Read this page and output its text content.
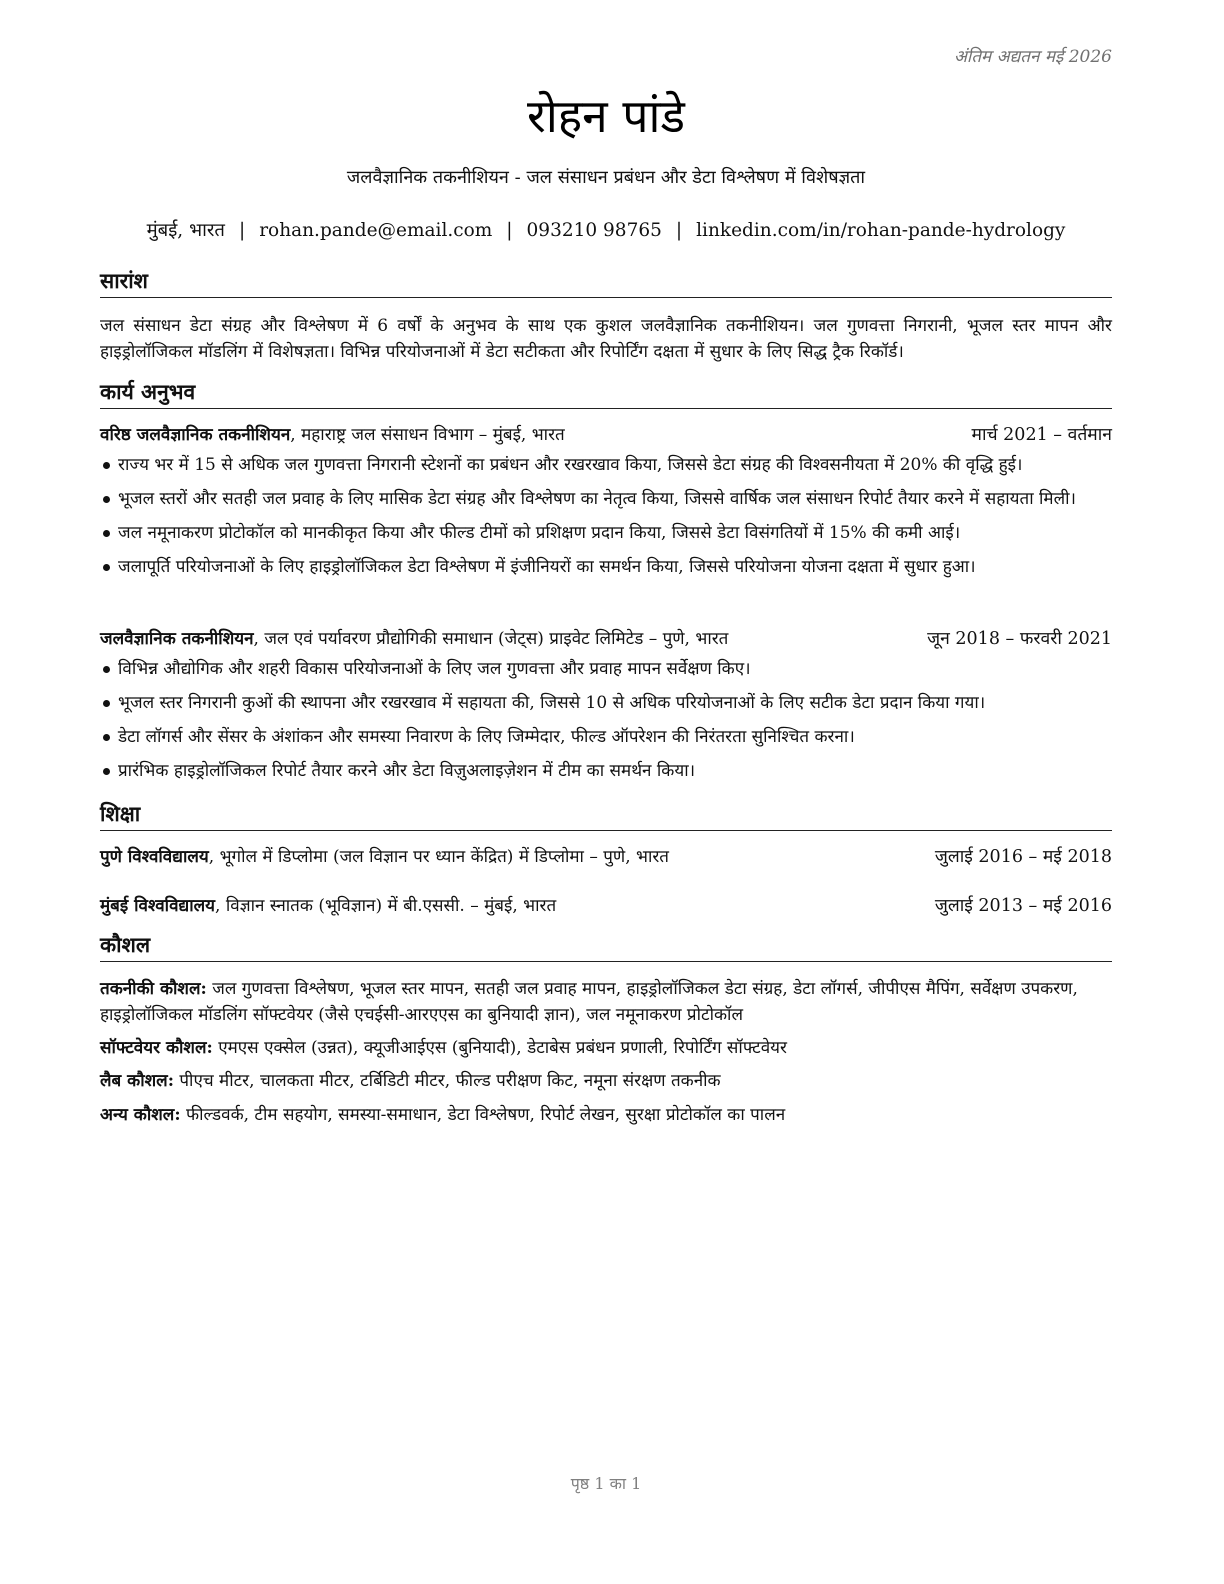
अंतिम अद्यतन मई 2026
रोहन पांडे
जलवैज्ञानिक तकनीशियन - जल संसाधन प्रबंधन और डेटा विश्लेषण में विशेषज्ञता
मुंबई, भारत | rohan.pande@email.com | 093210 98765 | linkedin.com/in/rohan-pande-hydrology
सारांश
जल संसाधन डेटा संग्रह और विश्लेषण में 6 वर्षों के अनुभव के साथ एक कुशल जलवैज्ञानिक तकनीशियन। जल गुणवत्ता निगरानी, भूजल स्तर मापन और हाइड्रोलॉजिकल मॉडलिंग में विशेषज्ञता। विभिन्न परियोजनाओं में डेटा सटीकता और रिपोर्टिंग दक्षता में सुधार के लिए सिद्ध ट्रैक रिकॉर्ड।
कार्य अनुभव
वरिष्ठ जलवैज्ञानिक तकनीशियन, महाराष्ट्र जल संसाधन विभाग – मुंबई, भारत	मार्च 2021 – वर्तमान
राज्य भर में 15 से अधिक जल गुणवत्ता निगरानी स्टेशनों का प्रबंधन और रखरखाव किया, जिससे डेटा संग्रह की विश्वसनीयता में 20% की वृद्धि हुई।
भूजल स्तरों और सतही जल प्रवाह के लिए मासिक डेटा संग्रह और विश्लेषण का नेतृत्व किया, जिससे वार्षिक जल संसाधन रिपोर्ट तैयार करने में सहायता मिली।
जल नमूनाकरण प्रोटोकॉल को मानकीकृत किया और फील्ड टीमों को प्रशिक्षण प्रदान किया, जिससे डेटा विसंगतियों में 15% की कमी आई।
जलापूर्ति परियोजनाओं के लिए हाइड्रोलॉजिकल डेटा विश्लेषण में इंजीनियरों का समर्थन किया, जिससे परियोजना योजना दक्षता में सुधार हुआ।
जलवैज्ञानिक तकनीशियन, जल एवं पर्यावरण प्रौद्योगिकी समाधान (जेट्स) प्राइवेट लिमिटेड – पुणे, भारत	जून 2018 – फरवरी 2021
विभिन्न औद्योगिक और शहरी विकास परियोजनाओं के लिए जल गुणवत्ता और प्रवाह मापन सर्वेक्षण किए।
भूजल स्तर निगरानी कुओं की स्थापना और रखरखाव में सहायता की, जिससे 10 से अधिक परियोजनाओं के लिए सटीक डेटा प्रदान किया गया।
डेटा लॉगर्स और सेंसर के अंशांकन और समस्या निवारण के लिए जिम्मेदार, फील्ड ऑपरेशन की निरंतरता सुनिश्चित करना।
प्रारंभिक हाइड्रोलॉजिकल रिपोर्ट तैयार करने और डेटा विज़ुअलाइज़ेशन में टीम का समर्थन किया।
शिक्षा
पुणे विश्वविद्यालय, भूगोल में डिप्लोमा (जल विज्ञान पर ध्यान केंद्रित) में डिप्लोमा – पुणे, भारत	जुलाई 2016 – मई 2018
मुंबई विश्वविद्यालय, विज्ञान स्नातक (भूविज्ञान) में बी.एससी. – मुंबई, भारत	जुलाई 2013 – मई 2016
कौशल
तकनीकी कौशल: जल गुणवत्ता विश्लेषण, भूजल स्तर मापन, सतही जल प्रवाह मापन, हाइड्रोलॉजिकल डेटा संग्रह, डेटा लॉगर्स, जीपीएस मैपिंग, सर्वेक्षण उपकरण, हाइड्रोलॉजिकल मॉडलिंग सॉफ्टवेयर (जैसे एचईसी-आरएएस का बुनियादी ज्ञान), जल नमूनाकरण प्रोटोकॉल
सॉफ्टवेयर कौशल: एमएस एक्सेल (उन्नत), क्यूजीआईएस (बुनियादी), डेटाबेस प्रबंधन प्रणाली, रिपोर्टिंग सॉफ्टवेयर
लैब कौशल: पीएच मीटर, चालकता मीटर, टर्बिडिटी मीटर, फील्ड परीक्षण किट, नमूना संरक्षण तकनीक
अन्य कौशल: फील्डवर्क, टीम सहयोग, समस्या-समाधान, डेटा विश्लेषण, रिपोर्ट लेखन, सुरक्षा प्रोटोकॉल का पालन
पृष्ठ 1 का 1
